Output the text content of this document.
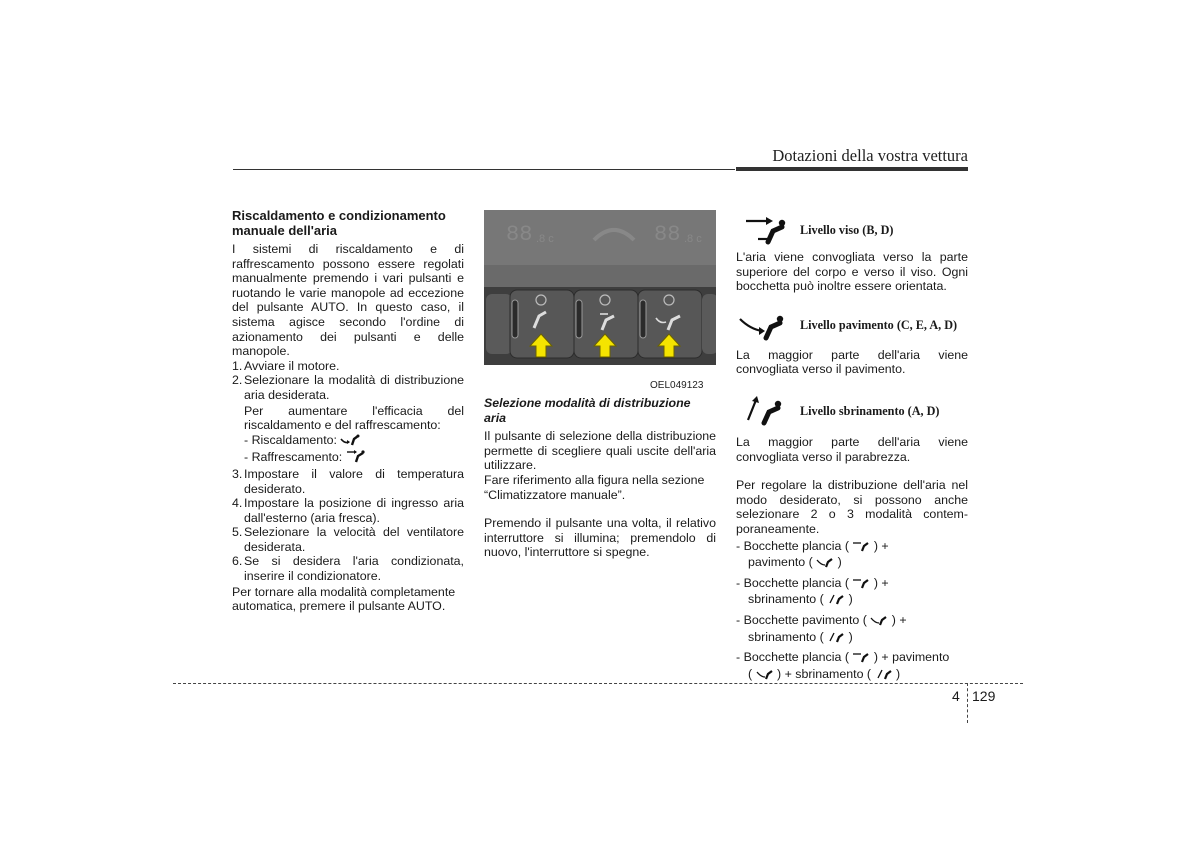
Dotazioni della vostra vettura
Riscaldamento e condizionamento manuale dell'aria

I sistemi di riscaldamento e di raffrescamento possono essere regolati manualmente premendo i vari pulsanti e ruotando le varie manopole ad eccezione del pulsante AUTO. In questo caso, il sistema agisce secondo l'ordine di azionamento dei pulsanti e delle manopole.

1. Avviare il motore.
2. Selezionare la modalità di distribuzione aria desiderata.

Per aumentare l'efficacia del riscaldamento e del raffrescamento:

- Riscaldamento:

- Raffrescamento:

3. Impostare il valore di temperatura desiderato.
4. Impostare la posizione di ingresso aria dall'esterno (aria fresca).
5. Selezionare la velocità del ventilatore desiderata.
6. Se si desidera l'aria condizionata, inserire il condizionatore.

Per tornare alla modalità completamente automatica, premere il pulsante AUTO.

88 .8 c	88 .8 c
OEL049123
Selezione modalità di distribuzione aria

Il pulsante di selezione della distribuzione permette di scegliere quali uscite dell'aria utilizzare.

Fare riferimento alla figura nella sezione “Climatizzatore manuale”.

Premendo il pulsante una volta, il relativo interruttore si illumina; premendolo di nuovo, l'interruttore si spegne.

Livello viso (B, D)

L'aria viene convogliata verso la parte superiore del corpo e verso il viso. Ogni bocchetta può inoltre essere orientata.

Livello pavimento (C, E, A, D)

La maggior parte dell'aria viene convogliata verso il pavimento.

Livello sbrinamento (A, D)

La maggior parte dell'aria viene convogliata verso il parabrezza.

Per regolare la distribuzione dell'aria nel modo desiderato, si possono anche selezionare 2 o 3 modalità contem-poraneamente.

- Bocchette plancia ( ) +

pavimento ( )

- Bocchette plancia ( ) +

sbrinamento ( )

- Bocchette pavimento ( ) +

sbrinamento ( )

- Bocchette plancia ( ) + pavimento

( ) + sbrinamento ( )

4 129
